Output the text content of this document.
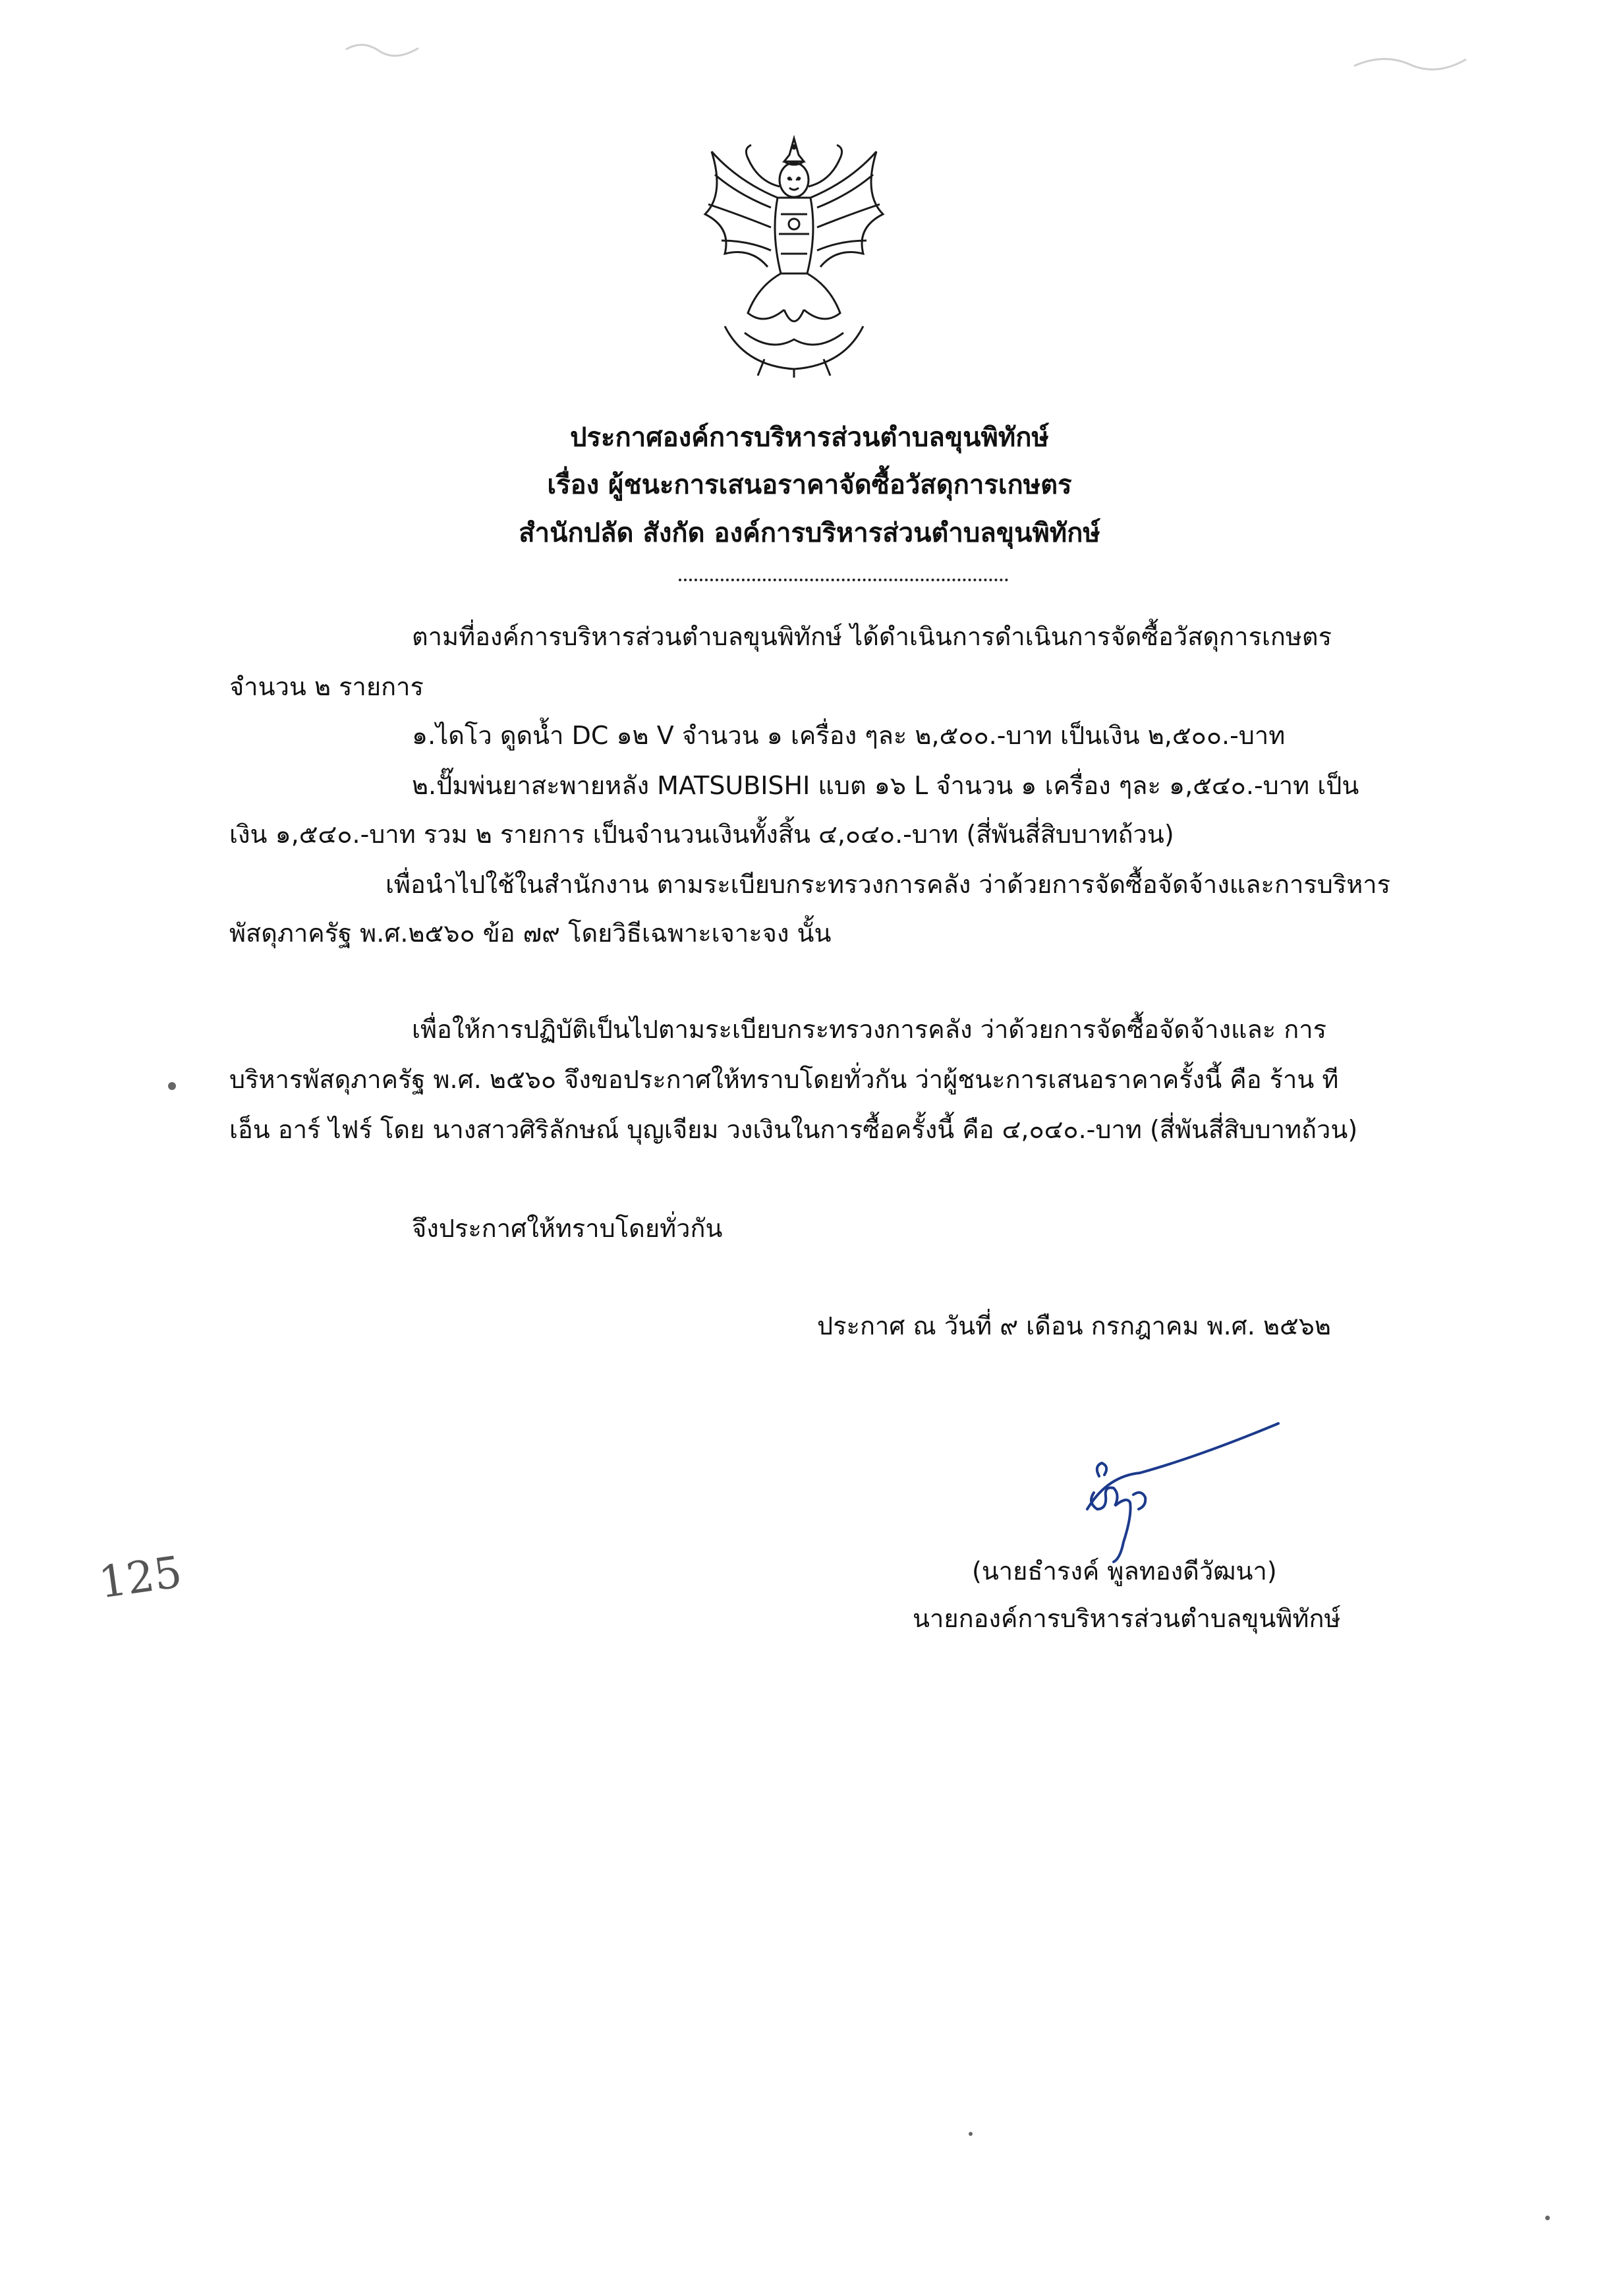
ประกาศองค์การบริหารส่วนตำบลขุนพิทักษ์
เรื่อง ผู้ชนะการเสนอราคาจัดซื้อวัสดุการเกษตร
สำนักปลัด สังกัด องค์การบริหารส่วนตำบลขุนพิทักษ์
ตามที่องค์การบริหารส่วนตำบลขุนพิทักษ์ ได้ดำเนินการดำเนินการจัดซื้อวัสดุการเกษตร
จำนวน ๒ รายการ
๑.ไดโว ดูดน้ำ DC ๑๒ V จำนวน ๑ เครื่อง ๆละ ๒,๕๐๐.-บาท เป็นเงิน ๒,๕๐๐.-บาท
๒.ปั๊มพ่นยาสะพายหลัง MATSUBISHI แบต ๑๖ L จำนวน ๑ เครื่อง ๆละ ๑,๕๔๐.-บาท เป็น
เงิน ๑,๕๔๐.-บาท รวม ๒ รายการ เป็นจำนวนเงินทั้งสิ้น ๔,๐๔๐.-บาท (สี่พันสี่สิบบาทถ้วน)
เพื่อนำไปใช้ในสำนักงาน ตามระเบียบกระทรวงการคลัง ว่าด้วยการจัดซื้อจัดจ้างและการบริหาร
พัสดุภาครัฐ พ.ศ.๒๕๖๐ ข้อ ๗๙ โดยวิธีเฉพาะเจาะจง นั้น
เพื่อให้การปฏิบัติเป็นไปตามระเบียบกระทรวงการคลัง ว่าด้วยการจัดซื้อจัดจ้างและ การ
บริหารพัสดุภาครัฐ พ.ศ. ๒๕๖๐ จึงขอประกาศให้ทราบโดยทั่วกัน ว่าผู้ชนะการเสนอราคาครั้งนี้ คือ ร้าน ที
เอ็น อาร์ ไฟร์ โดย นางสาวศิริลักษณ์ บุญเจียม วงเงินในการซื้อครั้งนี้ คือ ๔,๐๔๐.-บาท (สี่พันสี่สิบบาทถ้วน)
จึงประกาศให้ทราบโดยทั่วกัน
ประกาศ ณ วันที่ ๙ เดือน กรกฎาคม พ.ศ. ๒๕๖๒
(นายธำรงค์ พูลทองดีวัฒนา)
นายกองค์การบริหารส่วนตำบลขุนพิทักษ์
125
